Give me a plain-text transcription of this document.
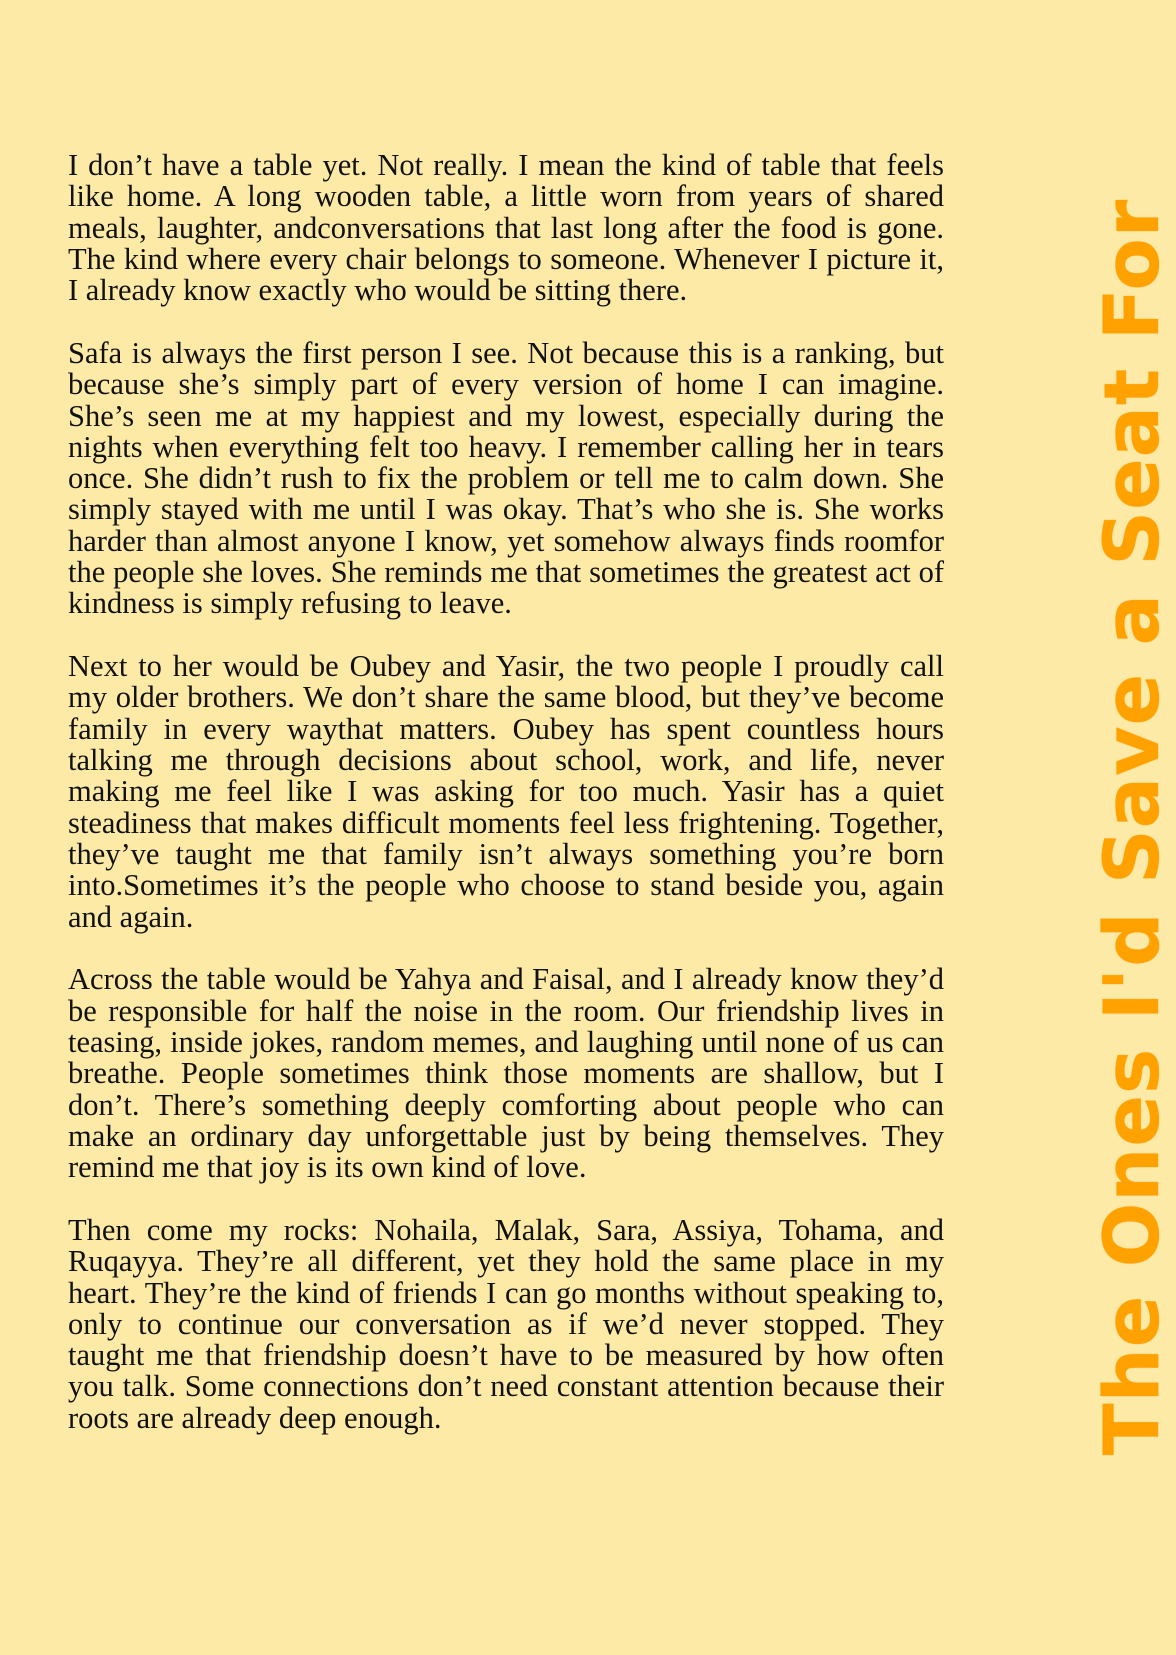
I don’t have a table yet. Not really. I mean the kind of table that feels like home. A long wooden table, a little worn from years of shared meals, laughter, andconversations that last long after the food is gone. The kind where every chair belongs to someone. Whenever I picture it, I already know exactly who would be sitting there.

Safa is always the first person I see. Not because this is a ranking, but because she’s simply part of every version of home I can imagine. She’s seen me at my happiest and my lowest, especially during the nights when everything felt too heavy. I remember calling her in tears once. She didn’t rush to fix the problem or tell me to calm down. She simply stayed with me until I was okay. That’s who she is. She works harder than almost anyone I know, yet somehow always finds roomfor the people she loves. She reminds me that sometimes the greatest act of kindness is simply refusing to leave.

Next to her would be Oubey and Yasir, the two people I proudly call my older brothers. We don’t share the same blood, but they’ve become family in every waythat matters. Oubey has spent countless hours talking me through decisions about school, work, and life, never making me feel like I was asking for too much. Yasir has a quiet steadiness that makes difficult moments feel less frightening. Together, they’ve taught me that family isn’t always something you’re born into.Sometimes it’s the people who choose to stand beside you, again and again.

Across the table would be Yahya and Faisal, and I already know they’d be responsible for half the noise in the room. Our friendship lives in teasing, inside jokes, random memes, and laughing until none of us can breathe. People sometimes think those moments are shallow, but I don’t. There’s something deeply comforting about people who can make an ordinary day unforgettable just by being themselves. They remind me that joy is its own kind of love.

Then come my rocks: Nohaila, Malak, Sara, Assiya, Tohama, and Ruqayya. They’re all different, yet they hold the same place in my heart. They’re the kind of friends I can go months without speaking to, only to continue our conversation as if we’d never stopped. They taught me that friendship doesn’t have to be measured by how often you talk. Some connections don’t need constant attention because their roots are already deep enough.	The Ones I'd Save a Seat For
